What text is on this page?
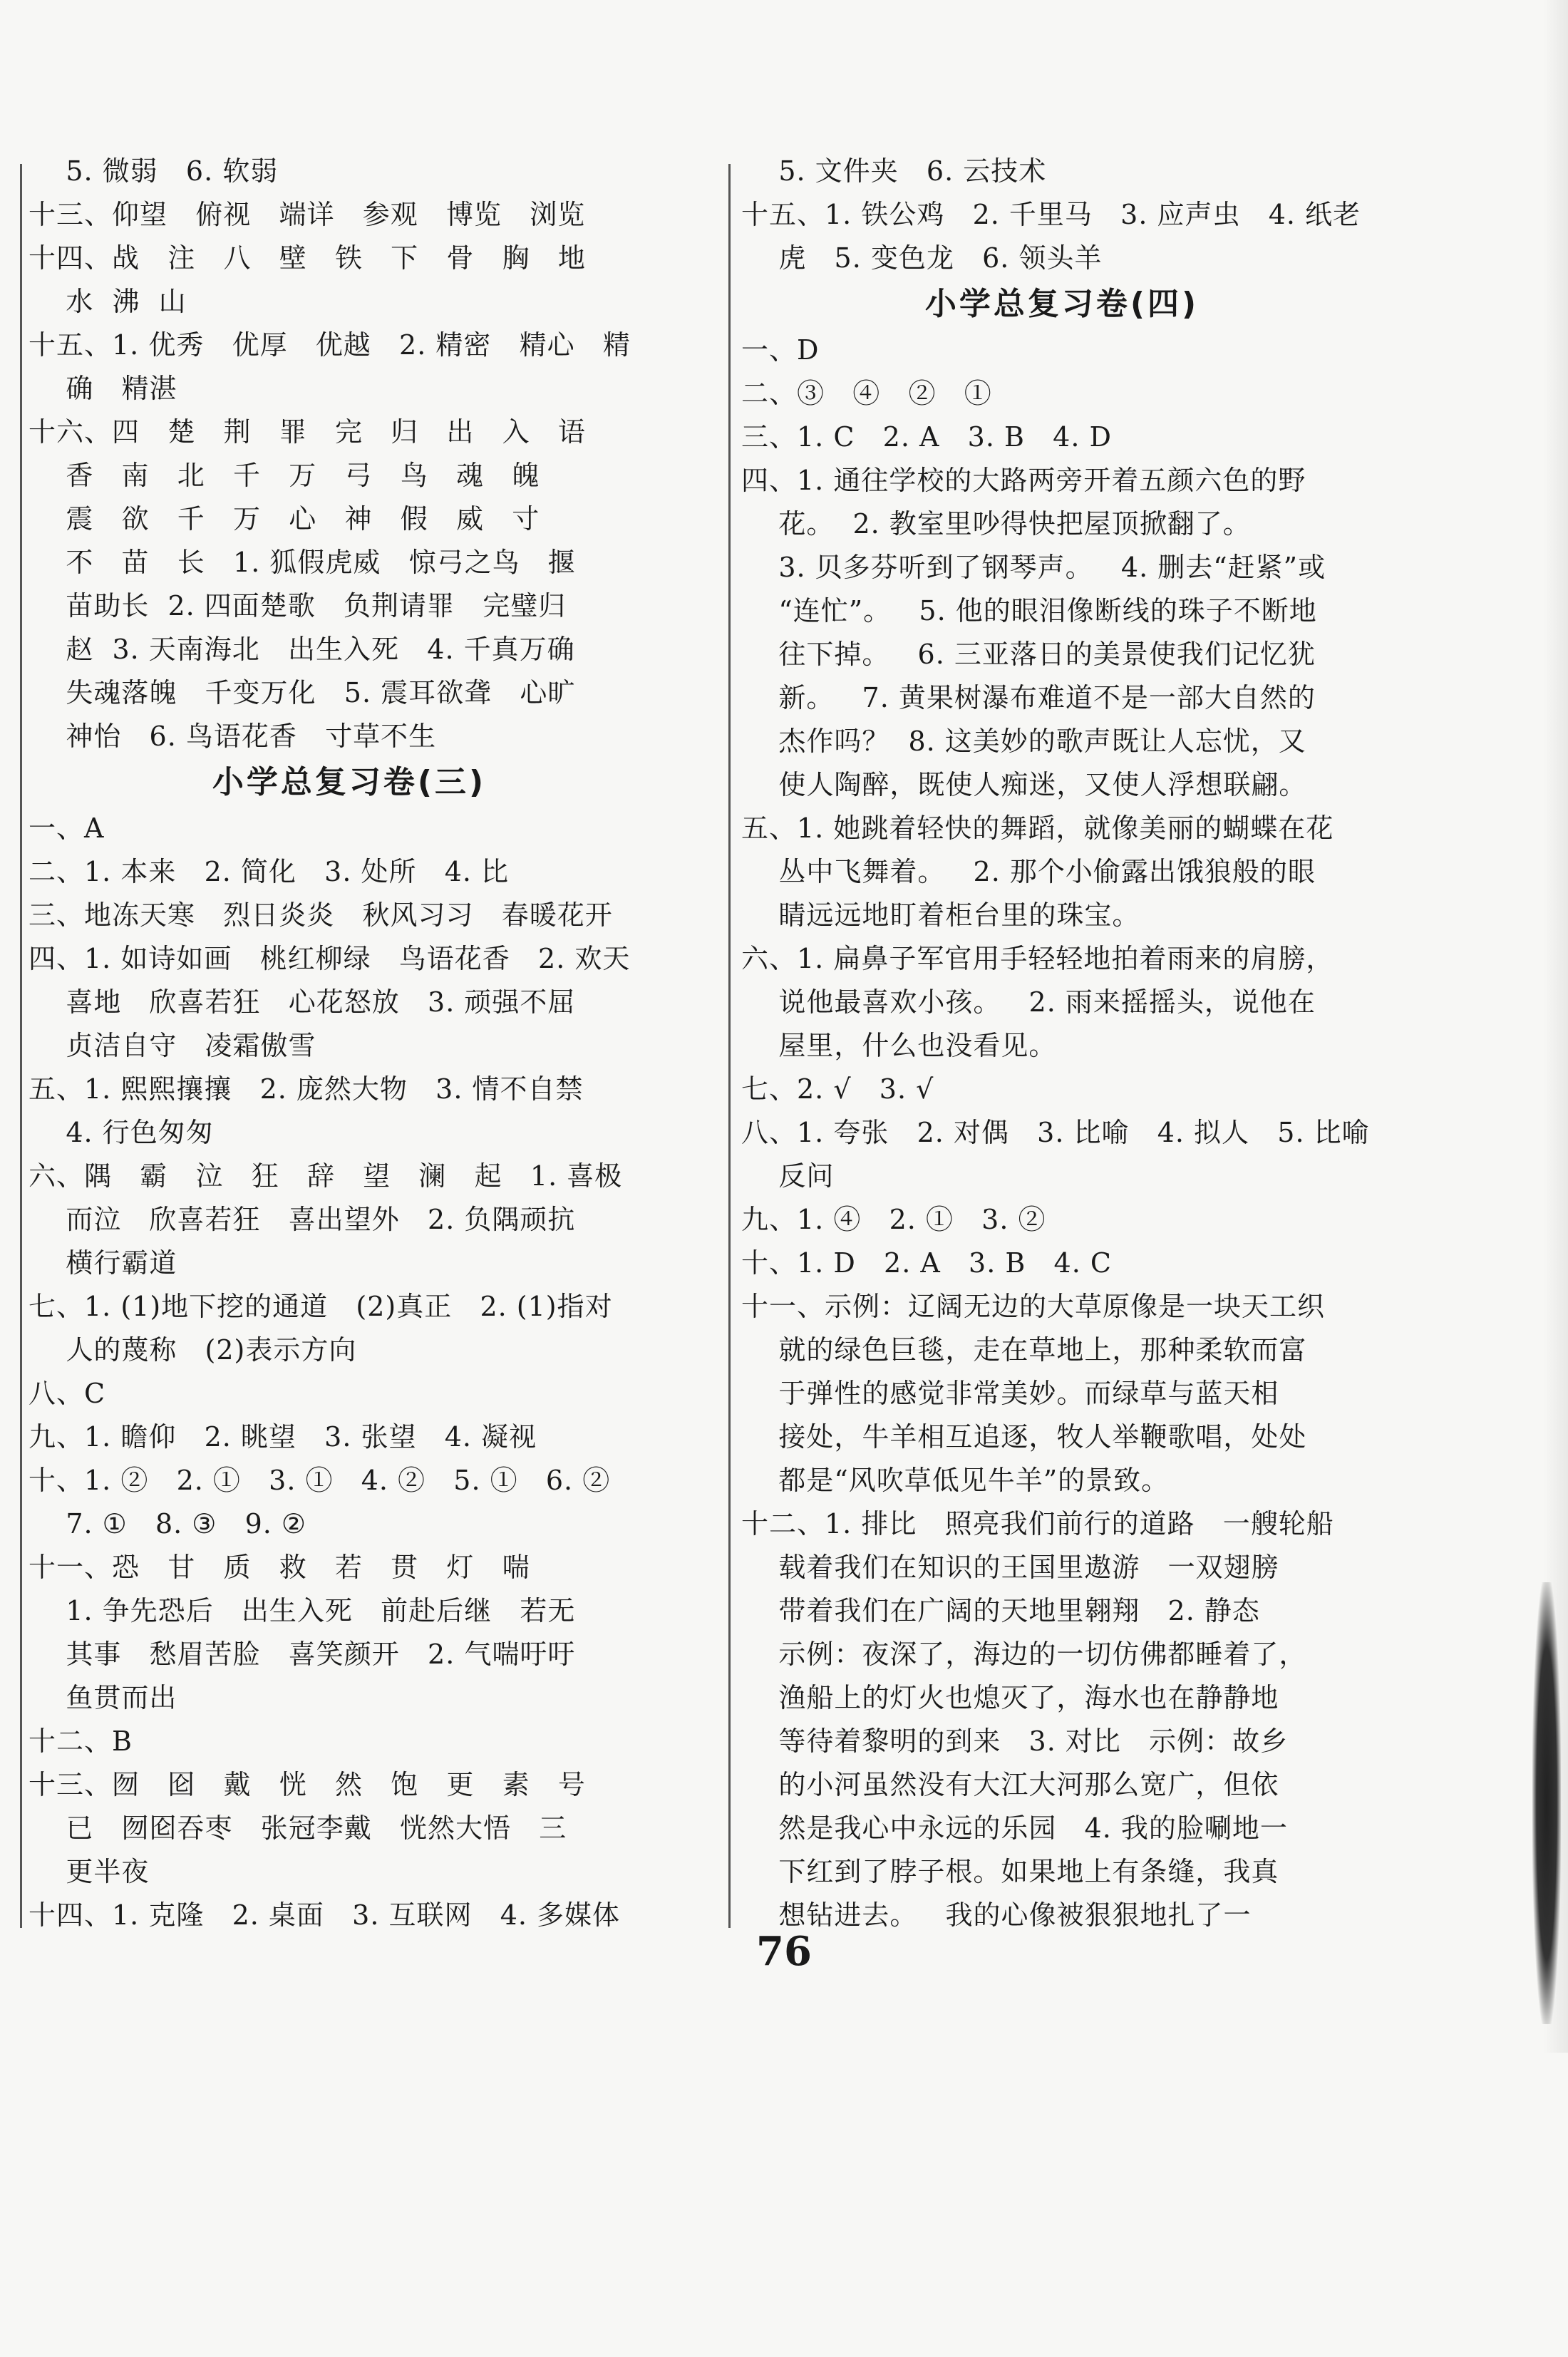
5. 微弱   6. 软弱
十三、仰望   俯视   端详   参观   博览   浏览
十四、战   注   八   壁   铁   下   骨   胸   地
水  沸  山
十五、1. 优秀   优厚   优越   2. 精密   精心   精
确   精湛
十六、四   楚   荆   罪   完   归   出   入   语
香   南   北   千   万   弓   鸟   魂   魄
震   欲   千   万   心   神   假   威   寸
不   苗   长   1. 狐假虎威   惊弓之鸟   揠
苗助长  2. 四面楚歌   负荆请罪   完璧归
赵  3. 天南海北   出生入死   4. 千真万确
失魂落魄   千变万化   5. 震耳欲聋   心旷
神怡   6. 鸟语花香   寸草不生
小学总复习卷(三)
一、A
二、1. 本来   2. 简化   3. 处所   4. 比
三、地冻天寒   烈日炎炎   秋风习习   春暖花开
四、1. 如诗如画   桃红柳绿   鸟语花香   2. 欢天
喜地   欣喜若狂   心花怒放   3. 顽强不屈
贞洁自守   凌霜傲雪
五、1. 熙熙攘攘   2. 庞然大物   3. 情不自禁
4. 行色匆匆
六、隅   霸   泣   狂   辞   望   澜   起   1. 喜极
而泣   欣喜若狂   喜出望外   2. 负隅顽抗
横行霸道
七、1. (1)地下挖的通道   (2)真正   2. (1)指对
人的蔑称   (2)表示方向
八、C
九、1. 瞻仰   2. 眺望   3. 张望   4. 凝视
十、1. ②   2. ①   3. ①   4. ②   5. ①   6. ②
7. ①   8. ③   9. ②
十一、恐   甘   质   救   若   贯   灯   喘
1. 争先恐后   出生入死   前赴后继   若无
其事   愁眉苦脸   喜笑颜开   2. 气喘吁吁
鱼贯而出
十二、B
十三、囫   囵   戴   恍   然   饱   更   素   号
已   囫囵吞枣   张冠李戴   恍然大悟   三
更半夜
十四、1. 克隆   2. 桌面   3. 互联网   4. 多媒体
5. 文件夹   6. 云技术
十五、1. 铁公鸡   2. 千里马   3. 应声虫   4. 纸老
虎   5. 变色龙   6. 领头羊
小学总复习卷(四)
一、D
二、③   ④   ②   ①
三、1. C   2. A   3. B   4. D
四、1. 通往学校的大路两旁开着五颜六色的野
花。  2. 教室里吵得快把屋顶掀翻了。
3. 贝多芬听到了钢琴声。   4. 删去“赶紧”或
“连忙”。   5. 他的眼泪像断线的珠子不断地
往下掉。   6. 三亚落日的美景使我们记忆犹
新。   7. 黄果树瀑布难道不是一部大自然的
杰作吗？  8. 这美妙的歌声既让人忘忧，又
使人陶醉，既使人痴迷，又使人浮想联翩。
五、1. 她跳着轻快的舞蹈，就像美丽的蝴蝶在花
丛中飞舞着。   2. 那个小偷露出饿狼般的眼
睛远远地盯着柜台里的珠宝。
六、1. 扁鼻子军官用手轻轻地拍着雨来的肩膀，
说他最喜欢小孩。   2. 雨来摇摇头，说他在
屋里，什么也没看见。
七、2. √   3. √
八、1. 夸张   2. 对偶   3. 比喻   4. 拟人   5. 比喻
反问
九、1. ④   2. ①   3. ②
十、1. D   2. A   3. B   4. C
十一、示例：辽阔无边的大草原像是一块天工织
就的绿色巨毯，走在草地上，那种柔软而富
于弹性的感觉非常美妙。而绿草与蓝天相
接处，牛羊相互追逐，牧人举鞭歌唱，处处
都是“风吹草低见牛羊”的景致。
十二、1. 排比   照亮我们前行的道路   一艘轮船
载着我们在知识的王国里遨游   一双翅膀
带着我们在广阔的天地里翱翔   2. 静态
示例：夜深了，海边的一切仿佛都睡着了，
渔船上的灯火也熄灭了，海水也在静静地
等待着黎明的到来   3. 对比   示例：故乡
的小河虽然没有大江大河那么宽广，但依
然是我心中永远的乐园   4. 我的脸唰地一
下红到了脖子根。如果地上有条缝，我真
想钻进去。   我的心像被狠狠地扎了一
76
